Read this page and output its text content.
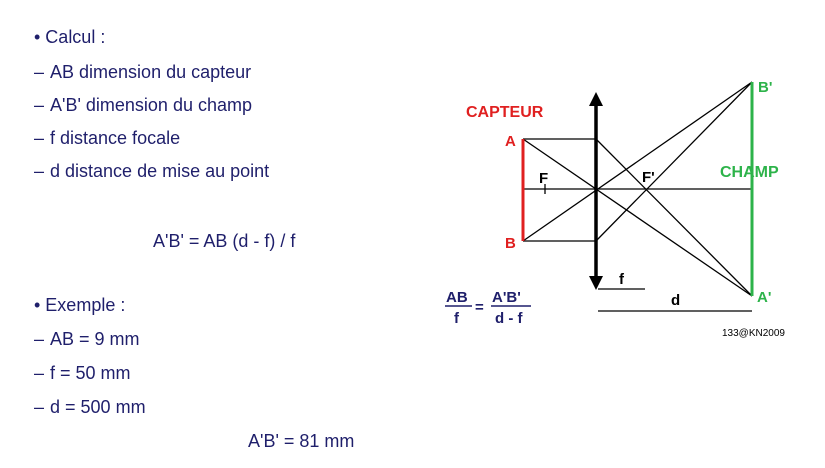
• Calcul :
– AB dimension du capteur
– A'B' dimension du champ
– f distance focale
– d distance de mise au point
A'B' = AB (d - f) / f
• Exemple :
– AB = 9 mm
– f = 50 mm
– d = 500 mm
A'B' = 81 mm
CAPTEUR
CHAMP
A
B
B'
A'
F	F'
f
d
AB
f
=
A'B'
d - f
133@KN2009
